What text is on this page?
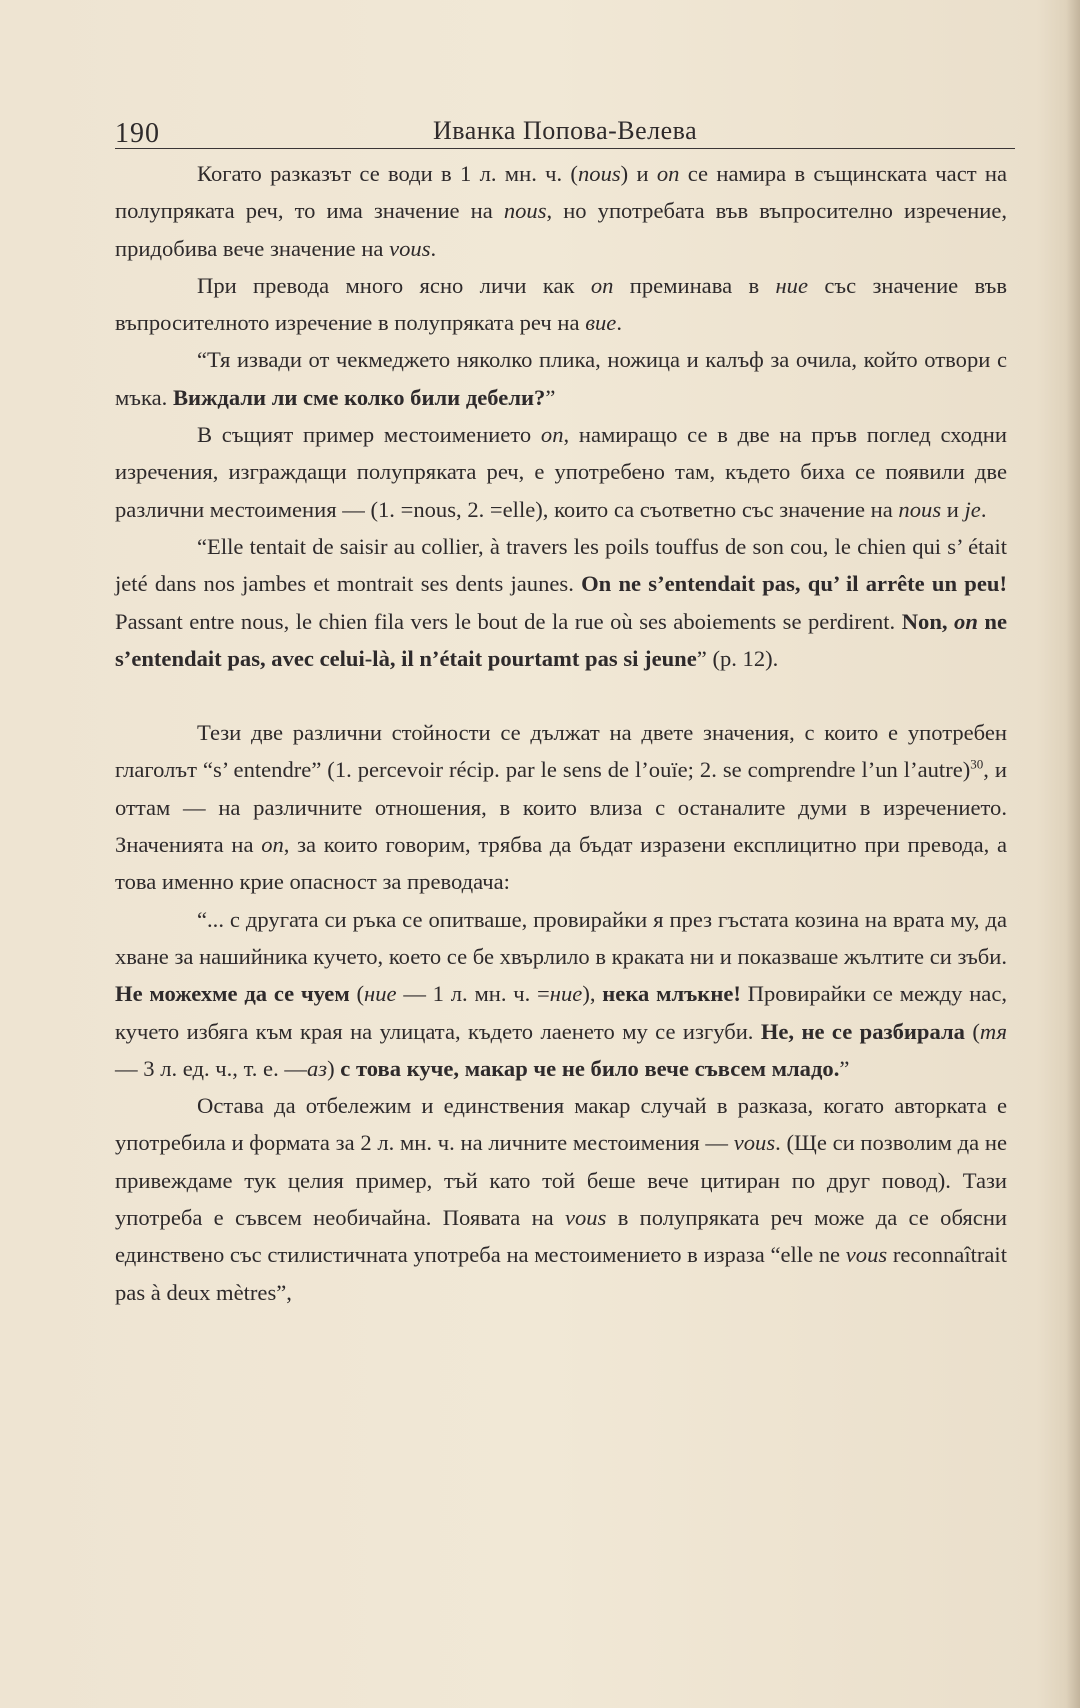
190	Иванка Попова-Велева

Когато разказът се води в 1 л. мн. ч. (nous) и on се намира в същинската част на полупряката реч, то има значение на nous, но употребата във въпросително изречение, придобива вече значение на vous.

При превода много ясно личи как on преминава в ние със значение във въпросителното изречение в полупряката реч на вие.

“Тя извади от чекмеджето няколко плика, ножица и калъф за очила, който отвори с мъка. Виждали ли сме колко били дебели?”

В същият пример местоимението on, намиращо се в две на пръв поглед сходни изречения, изграждащи полупряката реч, е употребено там, където биха се появили две различни местоимения — (1. =nous, 2. =elle), които са съответно със значение на nous и je.

“Elle tentait de saisir au collier, à travers les poils touffus de son cou, le chien qui s’ était jeté dans nos jambes et montrait ses dents jaunes. On ne s’entendait pas, qu’ il arrête un peu! Passant entre nous, le chien fila vers le bout de la rue où ses aboiements se perdirent. Non, on ne s’entendait pas, avec celui-là, il n’était pourtamt pas si jeune” (p. 12).

Тези две различни стойности се дължат на двете значения, с които е употребен глаголът “s’ entendre” (1. percevoir récip. par le sens de l’ouïe; 2. se comprendre l’un l’autre)$^{30}$, и оттам — на различните отношения, в които влиза с останалите думи в изречението. Значенията на on, за които говорим, трябва да бъдат изразени експлицитно при превода, а това именно крие опасност за преводача:

“... с другата си ръка се опитваше, провирайки я през гъстата козина на врата му, да хване за нашийника кучето, което се бе хвърлило в краката ни и показваше жълтите си зъби. Не можехме да се чуем (ние — 1 л. мн. ч. =ние), нека млъкне! Провирайки се между нас, кучето избяга към края на улицата, където лаенето му се изгуби. Не, не се разбирала (тя — 3 л. ед. ч., т. е. —аз) с това куче, макар че не било вече съвсем младо.”

Остава да отбележим и единствения макар случай в разказа, когато авторката е употребила и формата за 2 л. мн. ч. на личните местоимения — vous. (Ще си позволим да не привеждаме тук целия пример, тъй като той беше вече цитиран по друг повод). Тази употреба е съвсем необичайна. Появата на vous в полупряката реч може да се обясни единствено със стилистичната употреба на местоимението в израза “elle ne vous reconnaîtrait pas à deux mètres”,
